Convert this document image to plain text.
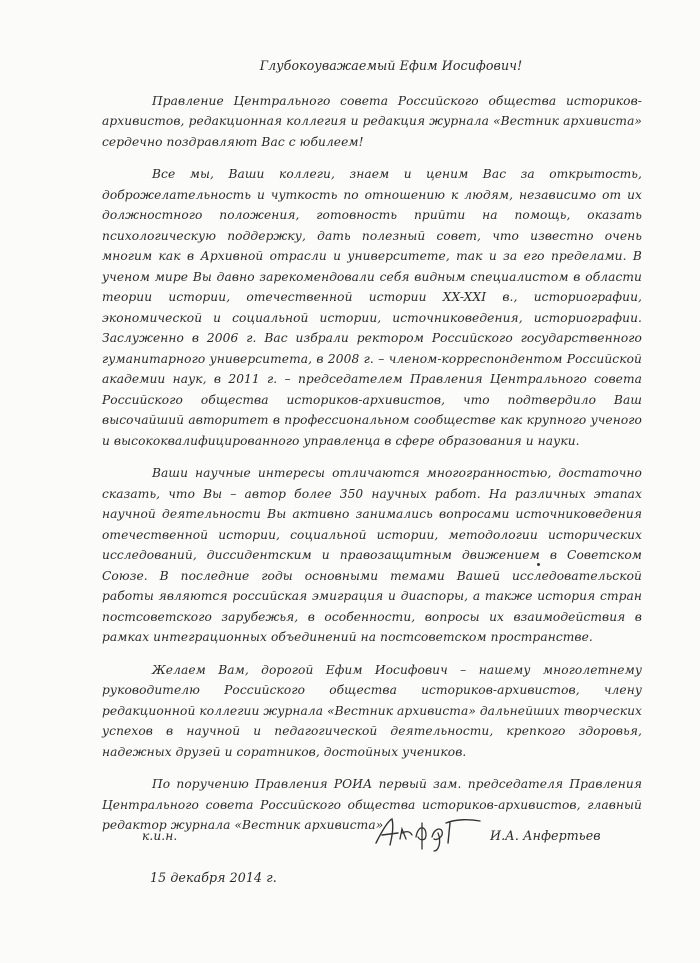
Глубокоуважаемый Ефим Иосифович!

Правление Центрального совета Российского общества историков-архивистов, редакционная коллегия и редакция журнала «Вестник архивиста» сердечно поздравляют Вас с юбилеем!

Все мы, Ваши коллеги, знаем и ценим Вас за открытость, доброжелательность и чуткость по отношению к людям, независимо от их должностного положения, готовность прийти на помощь, оказать психологическую поддержку, дать полезный совет, что известно очень многим как в Архивной отрасли и университете, так и за его пределами. В ученом мире Вы давно зарекомендовали себя видным специалистом в области теории истории, отечественной истории XX-XXI в., историографии, экономической и социальной истории, источниковедения, историографии. Заслуженно в 2006 г. Вас избрали ректором Российского государственного гуманитарного университета, в 2008 г. – членом-корреспондентом Российской академии наук, в 2011 г. – председателем Правления Центрального совета Российского общества историков-архивистов, что подтвердило Ваш высочайший авторитет в профессиональном сообществе как крупного ученого и высококвалифицированного управленца в сфере образования и науки.

Ваши научные интересы отличаются многогранностью, достаточно сказать, что Вы – автор более 350 научных работ. На различных этапах научной деятельности Вы активно занимались вопросами источниковедения отечественной истории, социальной истории, методологии исторических исследований, диссидентским и правозащитным движением в Советском Союзе. В последние годы основными темами Вашей исследовательской работы являются российская эмиграция и диаспоры, а также история стран постсоветского зарубежья, в особенности, вопросы их взаимодействия в рамках интеграционных объединений на постсоветском пространстве.

Желаем Вам, дорогой Ефим Иосифович – нашему многолетнему руководителю Российского общества историков-архивистов, члену редакционной коллегии журнала «Вестник архивиста» дальнейших творческих успехов в научной и педагогической деятельности, крепкого здоровья, надежных друзей и соратников, достойных учеников.

По поручению Правления РОИА первый зам. председателя Правления Центрального совета Российского общества историков-архивистов, главный редактор журнала «Вестник архивиста»

к.и.н.	И.А. Анфертьев
15 декабря 2014 г.
